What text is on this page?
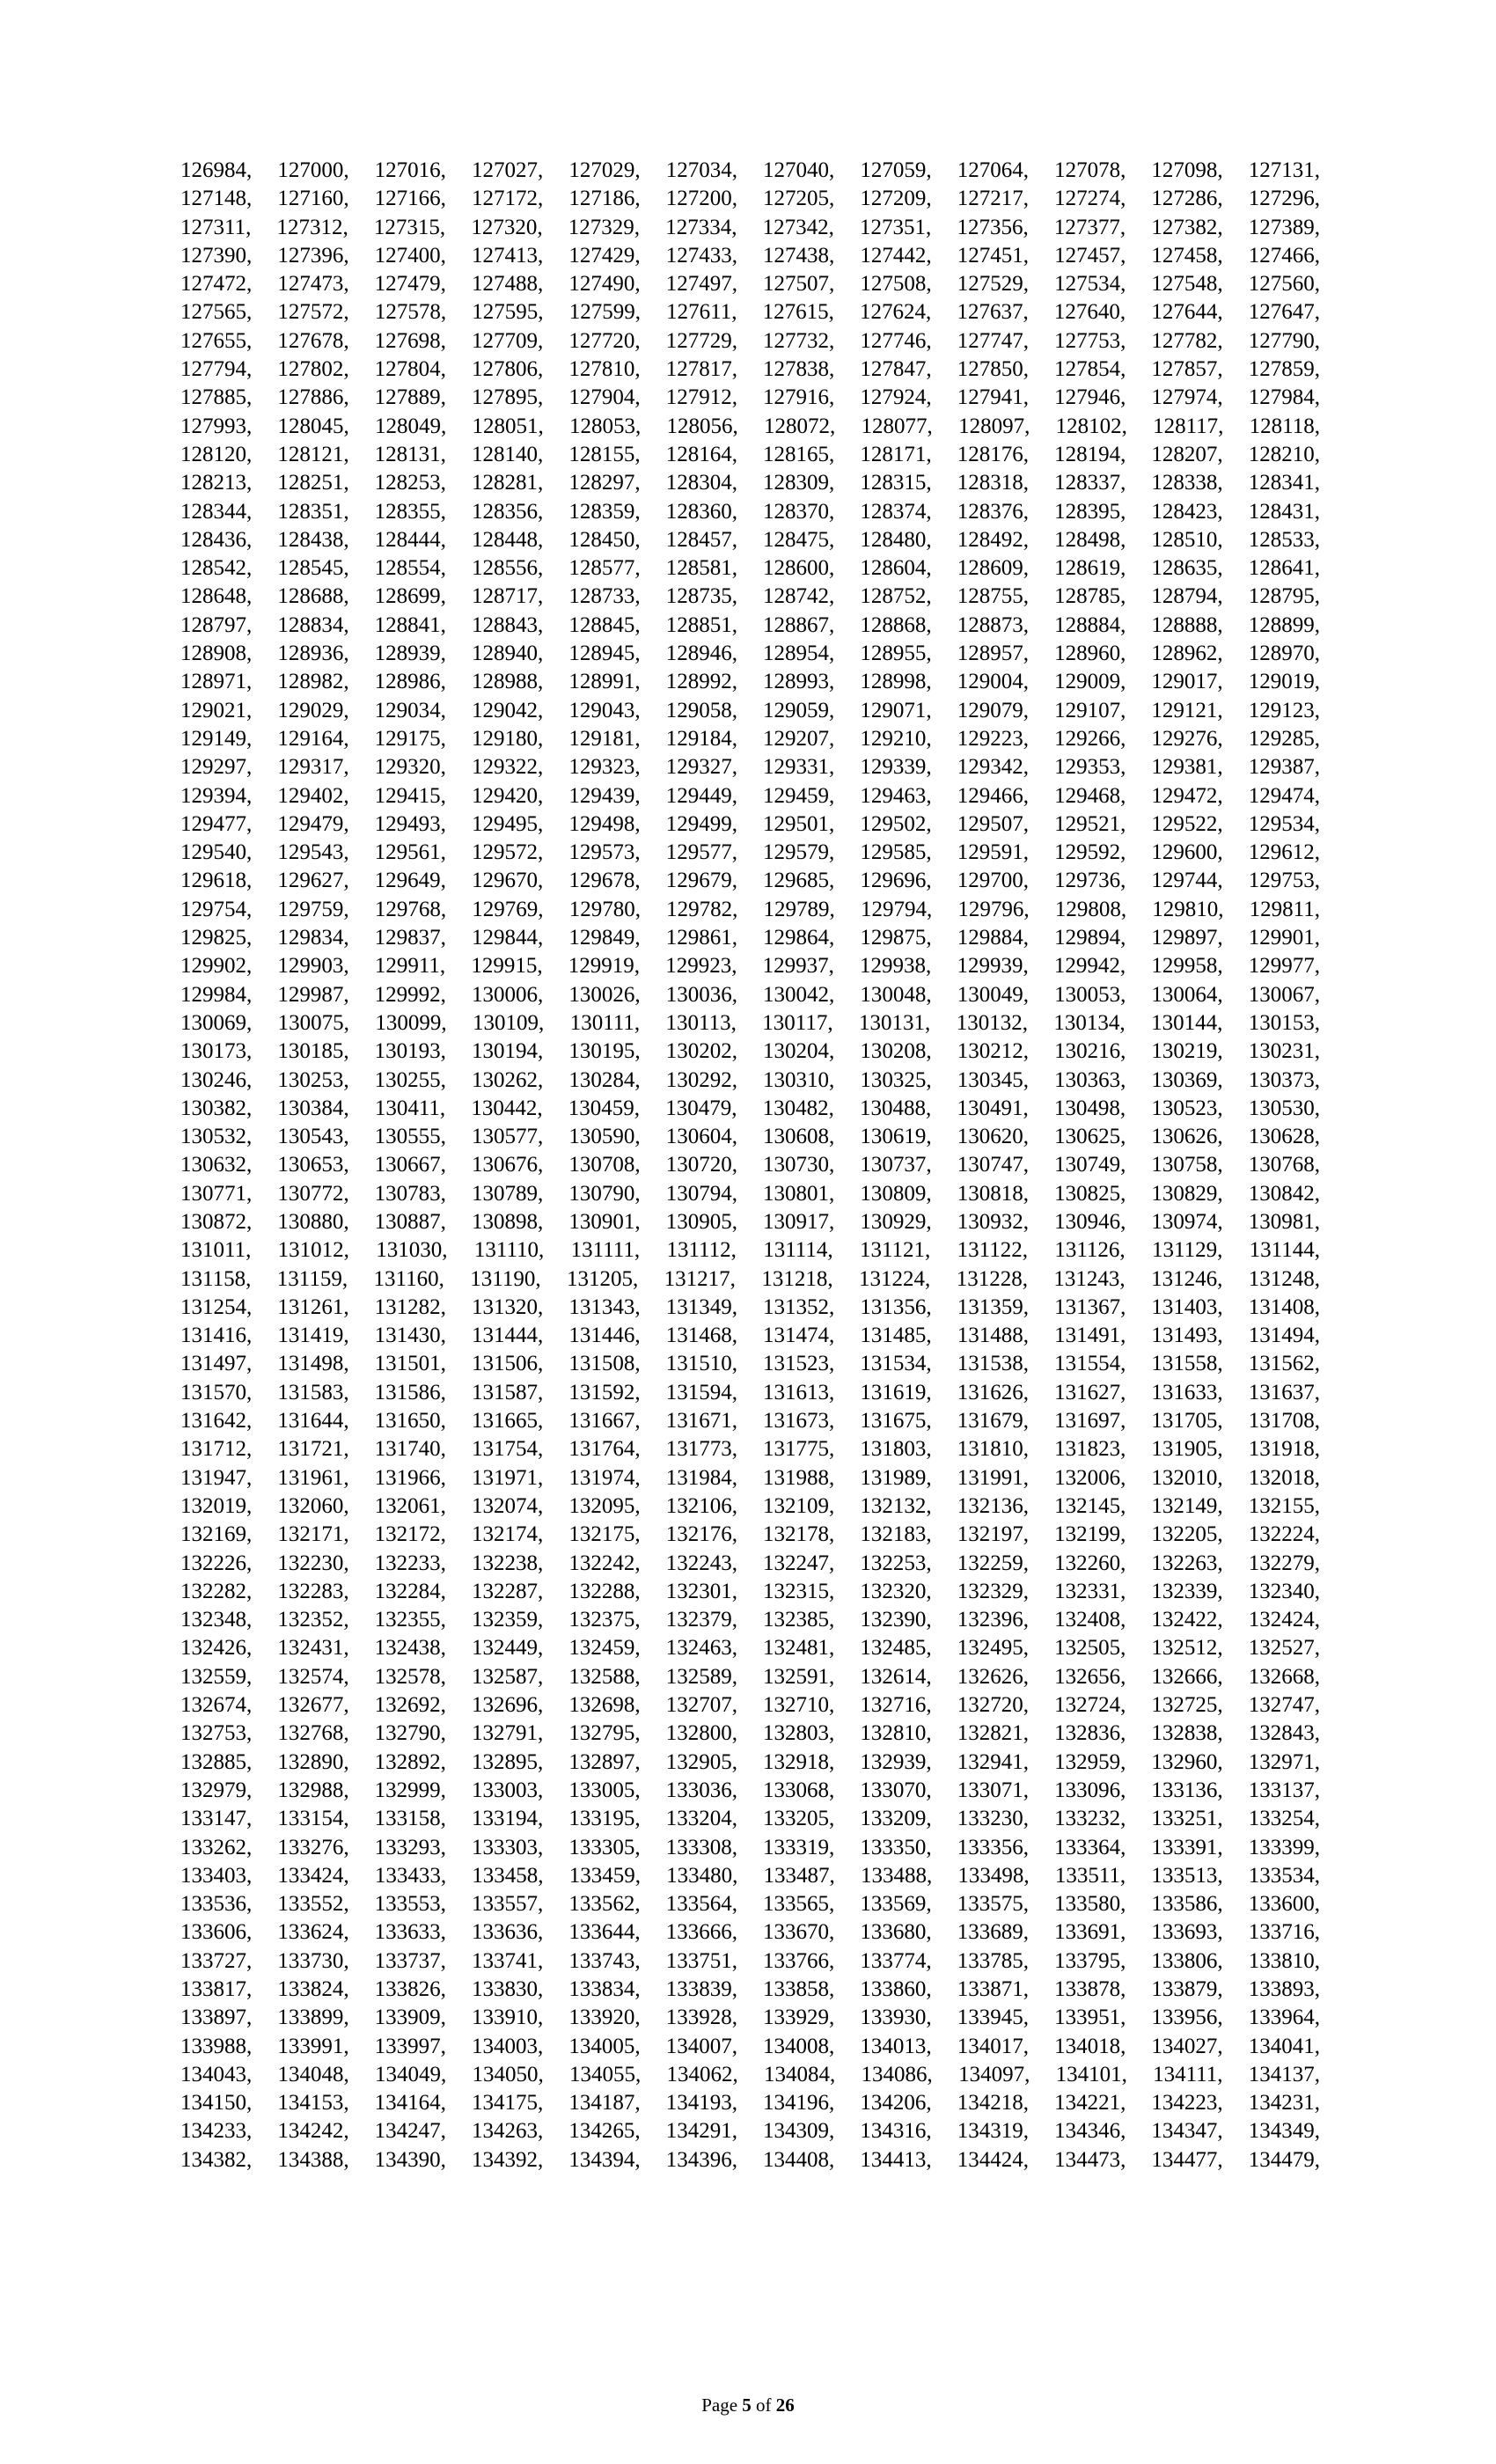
126984, 127000, 127016, 127027, 127029, 127034, 127040, 127059, 127064, 127078, 127098, 127131,
127148, 127160, 127166, 127172, 127186, 127200, 127205, 127209, 127217, 127274, 127286, 127296,
127311, 127312, 127315, 127320, 127329, 127334, 127342, 127351, 127356, 127377, 127382, 127389,
127390, 127396, 127400, 127413, 127429, 127433, 127438, 127442, 127451, 127457, 127458, 127466,
127472, 127473, 127479, 127488, 127490, 127497, 127507, 127508, 127529, 127534, 127548, 127560,
127565, 127572, 127578, 127595, 127599, 127611, 127615, 127624, 127637, 127640, 127644, 127647,
127655, 127678, 127698, 127709, 127720, 127729, 127732, 127746, 127747, 127753, 127782, 127790,
127794, 127802, 127804, 127806, 127810, 127817, 127838, 127847, 127850, 127854, 127857, 127859,
127885, 127886, 127889, 127895, 127904, 127912, 127916, 127924, 127941, 127946, 127974, 127984,
127993, 128045, 128049, 128051, 128053, 128056, 128072, 128077, 128097, 128102, 128117, 128118,
128120, 128121, 128131, 128140, 128155, 128164, 128165, 128171, 128176, 128194, 128207, 128210,
128213, 128251, 128253, 128281, 128297, 128304, 128309, 128315, 128318, 128337, 128338, 128341,
128344, 128351, 128355, 128356, 128359, 128360, 128370, 128374, 128376, 128395, 128423, 128431,
128436, 128438, 128444, 128448, 128450, 128457, 128475, 128480, 128492, 128498, 128510, 128533,
128542, 128545, 128554, 128556, 128577, 128581, 128600, 128604, 128609, 128619, 128635, 128641,
128648, 128688, 128699, 128717, 128733, 128735, 128742, 128752, 128755, 128785, 128794, 128795,
128797, 128834, 128841, 128843, 128845, 128851, 128867, 128868, 128873, 128884, 128888, 128899,
128908, 128936, 128939, 128940, 128945, 128946, 128954, 128955, 128957, 128960, 128962, 128970,
128971, 128982, 128986, 128988, 128991, 128992, 128993, 128998, 129004, 129009, 129017, 129019,
129021, 129029, 129034, 129042, 129043, 129058, 129059, 129071, 129079, 129107, 129121, 129123,
129149, 129164, 129175, 129180, 129181, 129184, 129207, 129210, 129223, 129266, 129276, 129285,
129297, 129317, 129320, 129322, 129323, 129327, 129331, 129339, 129342, 129353, 129381, 129387,
129394, 129402, 129415, 129420, 129439, 129449, 129459, 129463, 129466, 129468, 129472, 129474,
129477, 129479, 129493, 129495, 129498, 129499, 129501, 129502, 129507, 129521, 129522, 129534,
129540, 129543, 129561, 129572, 129573, 129577, 129579, 129585, 129591, 129592, 129600, 129612,
129618, 129627, 129649, 129670, 129678, 129679, 129685, 129696, 129700, 129736, 129744, 129753,
129754, 129759, 129768, 129769, 129780, 129782, 129789, 129794, 129796, 129808, 129810, 129811,
129825, 129834, 129837, 129844, 129849, 129861, 129864, 129875, 129884, 129894, 129897, 129901,
129902, 129903, 129911, 129915, 129919, 129923, 129937, 129938, 129939, 129942, 129958, 129977,
129984, 129987, 129992, 130006, 130026, 130036, 130042, 130048, 130049, 130053, 130064, 130067,
130069, 130075, 130099, 130109, 130111, 130113, 130117, 130131, 130132, 130134, 130144, 130153,
130173, 130185, 130193, 130194, 130195, 130202, 130204, 130208, 130212, 130216, 130219, 130231,
130246, 130253, 130255, 130262, 130284, 130292, 130310, 130325, 130345, 130363, 130369, 130373,
130382, 130384, 130411, 130442, 130459, 130479, 130482, 130488, 130491, 130498, 130523, 130530,
130532, 130543, 130555, 130577, 130590, 130604, 130608, 130619, 130620, 130625, 130626, 130628,
130632, 130653, 130667, 130676, 130708, 130720, 130730, 130737, 130747, 130749, 130758, 130768,
130771, 130772, 130783, 130789, 130790, 130794, 130801, 130809, 130818, 130825, 130829, 130842,
130872, 130880, 130887, 130898, 130901, 130905, 130917, 130929, 130932, 130946, 130974, 130981,
131011, 131012, 131030, 131110, 131111, 131112, 131114, 131121, 131122, 131126, 131129, 131144,
131158, 131159, 131160, 131190, 131205, 131217, 131218, 131224, 131228, 131243, 131246, 131248,
131254, 131261, 131282, 131320, 131343, 131349, 131352, 131356, 131359, 131367, 131403, 131408,
131416, 131419, 131430, 131444, 131446, 131468, 131474, 131485, 131488, 131491, 131493, 131494,
131497, 131498, 131501, 131506, 131508, 131510, 131523, 131534, 131538, 131554, 131558, 131562,
131570, 131583, 131586, 131587, 131592, 131594, 131613, 131619, 131626, 131627, 131633, 131637,
131642, 131644, 131650, 131665, 131667, 131671, 131673, 131675, 131679, 131697, 131705, 131708,
131712, 131721, 131740, 131754, 131764, 131773, 131775, 131803, 131810, 131823, 131905, 131918,
131947, 131961, 131966, 131971, 131974, 131984, 131988, 131989, 131991, 132006, 132010, 132018,
132019, 132060, 132061, 132074, 132095, 132106, 132109, 132132, 132136, 132145, 132149, 132155,
132169, 132171, 132172, 132174, 132175, 132176, 132178, 132183, 132197, 132199, 132205, 132224,
132226, 132230, 132233, 132238, 132242, 132243, 132247, 132253, 132259, 132260, 132263, 132279,
132282, 132283, 132284, 132287, 132288, 132301, 132315, 132320, 132329, 132331, 132339, 132340,
132348, 132352, 132355, 132359, 132375, 132379, 132385, 132390, 132396, 132408, 132422, 132424,
132426, 132431, 132438, 132449, 132459, 132463, 132481, 132485, 132495, 132505, 132512, 132527,
132559, 132574, 132578, 132587, 132588, 132589, 132591, 132614, 132626, 132656, 132666, 132668,
132674, 132677, 132692, 132696, 132698, 132707, 132710, 132716, 132720, 132724, 132725, 132747,
132753, 132768, 132790, 132791, 132795, 132800, 132803, 132810, 132821, 132836, 132838, 132843,
132885, 132890, 132892, 132895, 132897, 132905, 132918, 132939, 132941, 132959, 132960, 132971,
132979, 132988, 132999, 133003, 133005, 133036, 133068, 133070, 133071, 133096, 133136, 133137,
133147, 133154, 133158, 133194, 133195, 133204, 133205, 133209, 133230, 133232, 133251, 133254,
133262, 133276, 133293, 133303, 133305, 133308, 133319, 133350, 133356, 133364, 133391, 133399,
133403, 133424, 133433, 133458, 133459, 133480, 133487, 133488, 133498, 133511, 133513, 133534,
133536, 133552, 133553, 133557, 133562, 133564, 133565, 133569, 133575, 133580, 133586, 133600,
133606, 133624, 133633, 133636, 133644, 133666, 133670, 133680, 133689, 133691, 133693, 133716,
133727, 133730, 133737, 133741, 133743, 133751, 133766, 133774, 133785, 133795, 133806, 133810,
133817, 133824, 133826, 133830, 133834, 133839, 133858, 133860, 133871, 133878, 133879, 133893,
133897, 133899, 133909, 133910, 133920, 133928, 133929, 133930, 133945, 133951, 133956, 133964,
133988, 133991, 133997, 134003, 134005, 134007, 134008, 134013, 134017, 134018, 134027, 134041,
134043, 134048, 134049, 134050, 134055, 134062, 134084, 134086, 134097, 134101, 134111, 134137,
134150, 134153, 134164, 134175, 134187, 134193, 134196, 134206, 134218, 134221, 134223, 134231,
134233, 134242, 134247, 134263, 134265, 134291, 134309, 134316, 134319, 134346, 134347, 134349,
134382, 134388, 134390, 134392, 134394, 134396, 134408, 134413, 134424, 134473, 134477, 134479,
Page 5 of 26
